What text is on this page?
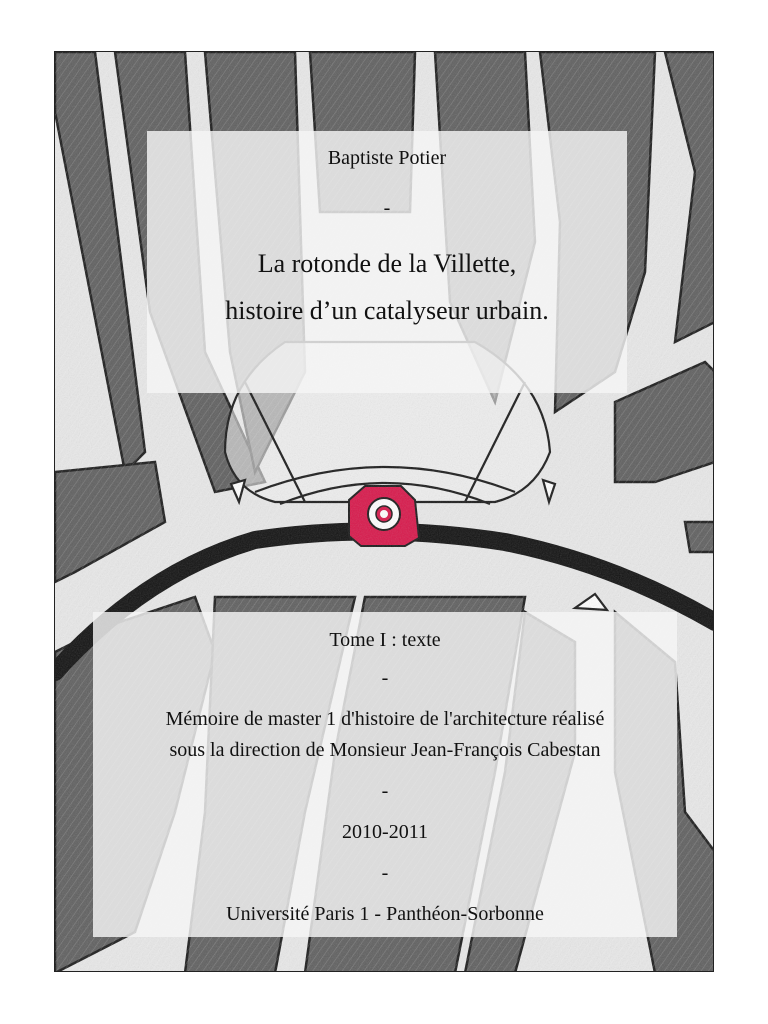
Baptiste Potier
-
La rotonde de la Villette,
histoire d’un catalyseur urbain.
Tome I : texte
-
Mémoire de master 1 d'histoire de l'architecture réalisé
sous la direction de Monsieur Jean-François Cabestan
-
2010-2011
-
Université Paris 1 - Panthéon-Sorbonne
